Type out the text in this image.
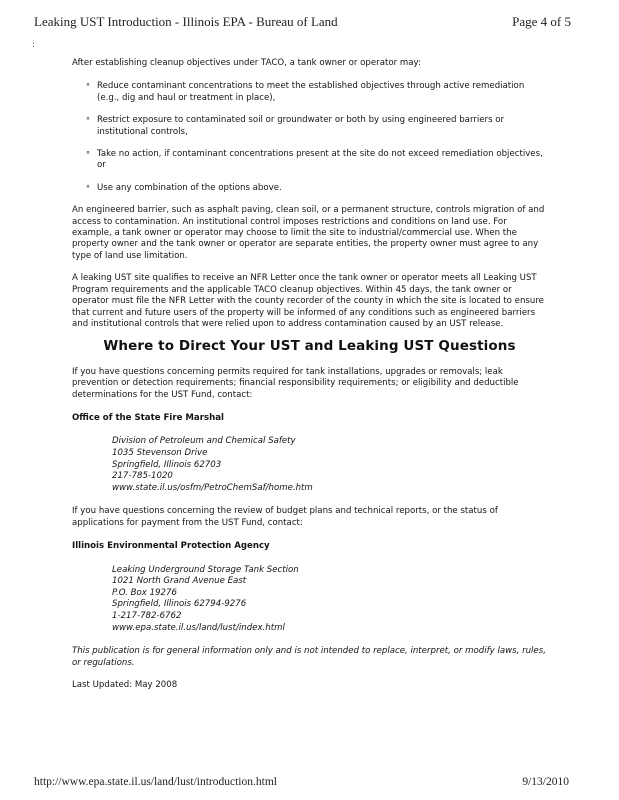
Leaking UST Introduction - Illinois EPA - Bureau of Land	Page 4 of 5
:

After establishing cleanup objectives under TACO, a tank owner or operator may:

° Reduce contaminant concentrations to meet the established objectives through active remediation (e.g., dig and haul or treatment in place),
° Restrict exposure to contaminated soil or groundwater or both by using engineered barriers or institutional controls,
° Take no action, if contaminant concentrations present at the site do not exceed remediation objectives, or
° Use any combination of the options above.

An engineered barrier, such as asphalt paving, clean soil, or a permanent structure, controls migration of and access to contamination. An institutional control imposes restrictions and conditions on land use. For example, a tank owner or operator may choose to limit the site to industrial/commercial use. When the property owner and the tank owner or operator are separate entities, the property owner must agree to any type of land use limitation.

A leaking UST site qualifies to receive an NFR Letter once the tank owner or operator meets all Leaking UST Program requirements and the applicable TACO cleanup objectives. Within 45 days, the tank owner or operator must file the NFR Letter with the county recorder of the county in which the site is located to ensure that current and future users of the property will be informed of any conditions such as engineered barriers and institutional controls that were relied upon to address contamination caused by an UST release.

Where to Direct Your UST and Leaking UST Questions

If you have questions concerning permits required for tank installations, upgrades or removals; leak prevention or detection requirements; financial responsibility requirements; or eligibility and deductible determinations for the UST Fund, contact:

Office of the State Fire Marshal

Division of Petroleum and Chemical Safety
1035 Stevenson Drive
Springfield, Illinois 62703
217-785-1020
www.state.il.us/osfm/PetroChemSaf/home.htm

If you have questions concerning the review of budget plans and technical reports, or the status of applications for payment from the UST Fund, contact:

Illinois Environmental Protection Agency

Leaking Underground Storage Tank Section
1021 North Grand Avenue East
P.O. Box 19276
Springfield, Illinois 62794-9276
1-217-782-6762
www.epa.state.il.us/land/lust/index.html

This publication is for general information only and is not intended to replace, interpret, or modify laws, rules, or regulations.

Last Updated: May 2008

http://www.epa.state.il.us/land/lust/introduction.html	9/13/2010
